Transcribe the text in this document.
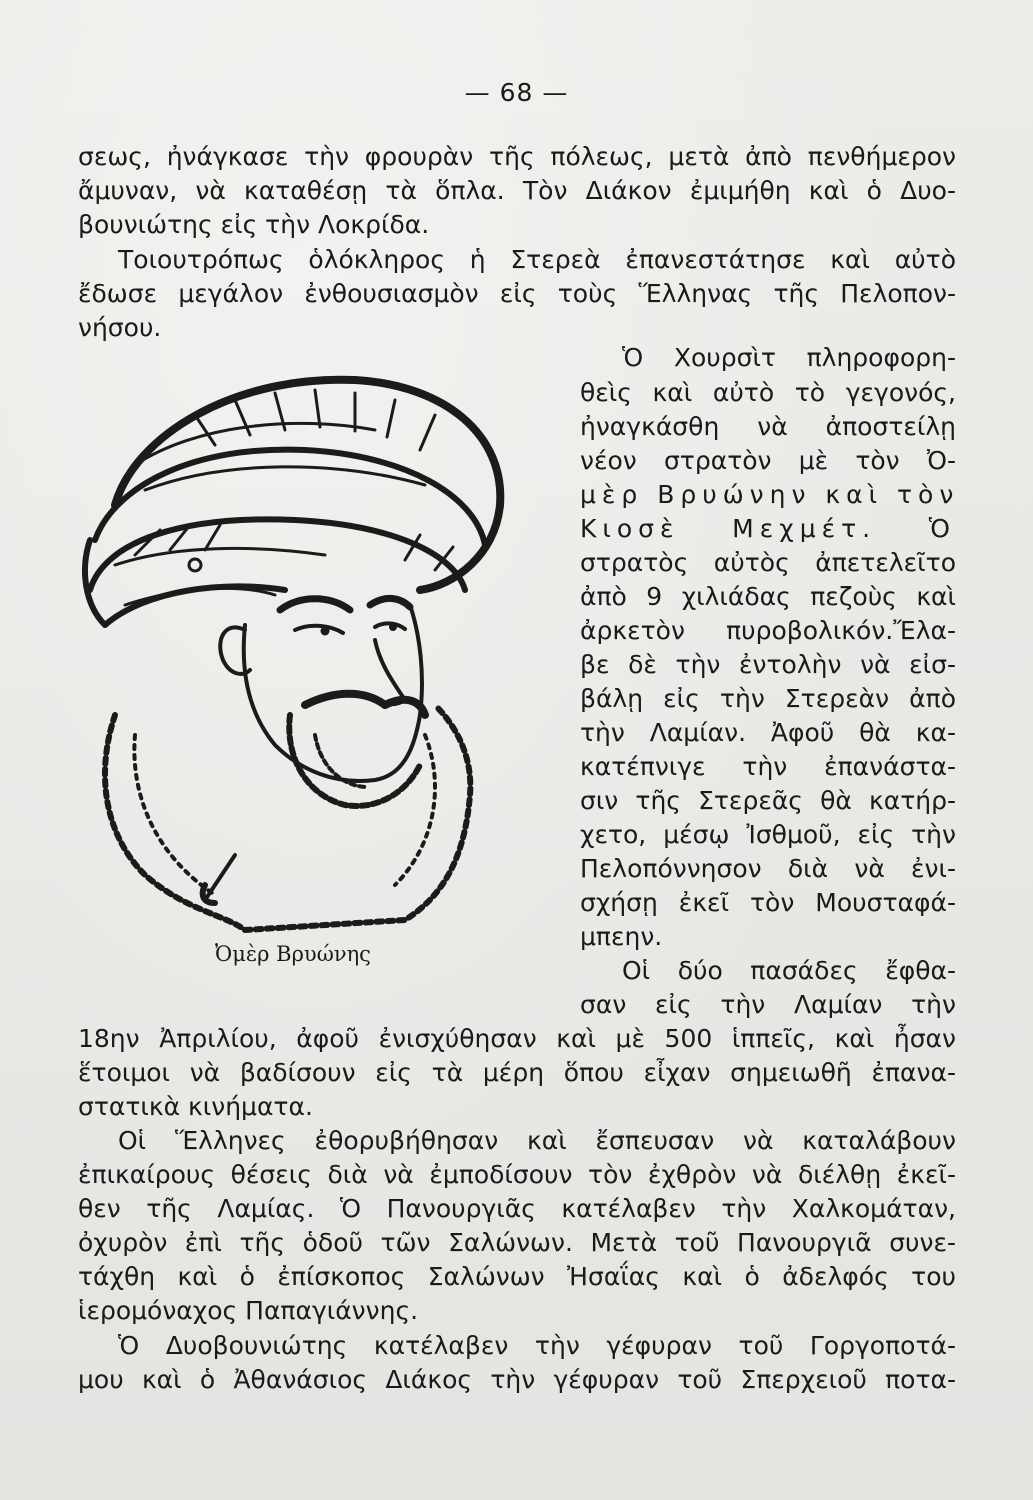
— 68 —
σεως, ἠνάγκασε τὴν φρουρὰν τῆς πόλεως, μετὰ ἀπὸ πενθήμερον
ἄμυναν, νὰ καταθέσῃ τὰ ὅπλα. Τὸν Διάκον ἐμιμήθη καὶ ὁ Δυο-
βουνιώτης εἰς τὴν Λοκρίδα.
Τοιουτρόπως ὁλόκληρος ἡ Στερεὰ ἐπανεστάτησε καὶ αὐτὸ
ἔδωσε μεγάλον ἐνθουσιασμὸν εἰς τοὺς Ἕλληνας τῆς Πελοπον-
νήσου.
Ὁ Χουρσὶτ πληροφορη-
θεὶς καὶ αὐτὸ τὸ γεγονός,
ἠναγκάσθη νὰ ἀποστείλῃ
νέον στρατὸν μὲ τὸν Ὀ-
μὲρ Βρυώνην καὶ τὸν
Κιοσὲ Μεχμέτ. Ὁ
στρατὸς αὐτὸς ἀπετελεῖτο
ἀπὸ 9 χιλιάδας πεζοὺς καὶ
ἀρκετὸν πυροβολικόν.Ἔλα-
βε δὲ τὴν ἐντολὴν νὰ εἰσ-
βάλῃ εἰς τὴν Στερεὰν ἀπὸ
τὴν Λαμίαν. Ἀφοῦ θὰ κα-
κατέπνιγε τὴν ἐπανάστα-
σιν τῆς Στερεᾶς θὰ κατήρ-
χετο, μέσῳ Ἰσθμοῦ, εἰς τὴν
Πελοπόννησον διὰ νὰ ἐνι-
σχήσῃ ἐκεῖ τὸν Μουσταφά-
μπεην.
Οἱ δύο πασάδες ἔφθα-
σαν εἰς τὴν Λαμίαν τὴν
Ὀμὲρ Βρυώνης
18ην Ἀπριλίου, ἀφοῦ ἐνισχύθησαν καὶ μὲ 500 ἱππεῖς, καὶ ἦσαν
ἕτοιμοι νὰ βαδίσουν εἰς τὰ μέρη ὅπου εἶχαν σημειωθῆ ἐπανα-
στατικὰ κινήματα.
Οἱ Ἕλληνες ἐθορυβήθησαν καὶ ἔσπευσαν νὰ καταλάβουν
ἐπικαίρους θέσεις διὰ νὰ ἐμποδίσουν τὸν ἐχθρὸν νὰ διέλθῃ ἐκεῖ-
θεν τῆς Λαμίας. Ὁ Πανουργιᾶς κατέλαβεν τὴν Χαλκομάταν,
ὀχυρὸν ἐπὶ τῆς ὁδοῦ τῶν Σαλώνων. Μετὰ τοῦ Πανουργιᾶ συνε-
τάχθη καὶ ὁ ἐπίσκοπος Σαλώνων Ἠσαΐας καὶ ὁ ἀδελφός του
ἱερομόναχος Παπαγιάννης.
Ὁ Δυοβουνιώτης κατέλαβεν τὴν γέφυραν τοῦ Γοργοποτά-
μου καὶ ὁ Ἀθανάσιος Διάκος τὴν γέφυραν τοῦ Σπερχειοῦ ποτα-
